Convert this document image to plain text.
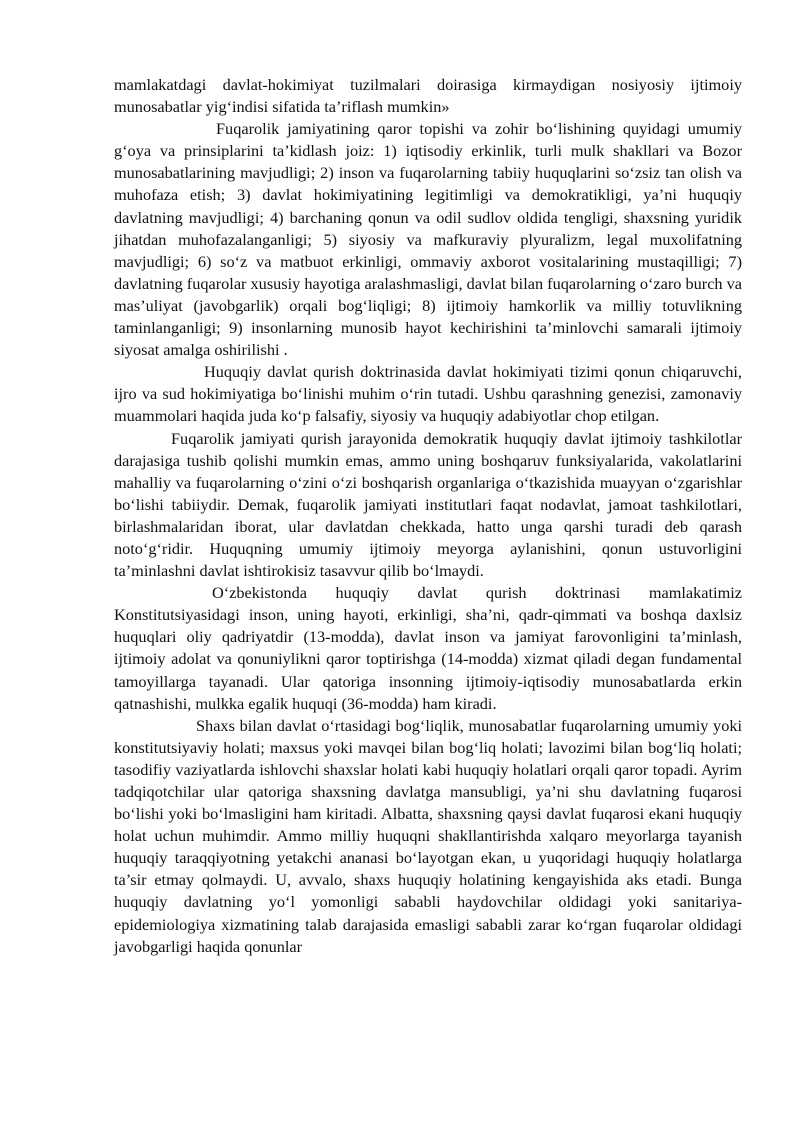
mamlakatdagi davlat-hokimiyat tuzilmalari doirasiga kirmaydigan nosiyosiy ijtimoiy munosabatlar yig‘indisi sifatida ta’riflash mumkin»

Fuqarolik jamiyatining qaror topishi va zohir bo‘lishining quyidagi umumiy g‘oya va prinsiplarini ta’kidlash joiz: 1) iqtisodiy erkinlik, turli mulk shakllari va Bozor munosabatlarining mavjudligi; 2) inson va fuqarolarning tabiiy huquqlarini so‘zsiz tan olish va muhofaza etish; 3) davlat hokimiyatining legitimligi va demokratikligi, ya’ni huquqiy davlatning mavjudligi; 4) barchaning qonun va odil sudlov oldida tengligi, shaxsning yuridik jihatdan muhofazalanganligi; 5) siyosiy va mafkuraviy plyuralizm, legal muxolifatning mavjudligi; 6) so‘z va matbuot erkinligi, ommaviy axborot vositalarining mustaqilligi; 7) davlatning fuqarolar xususiy hayotiga aralashmasligi, davlat bilan fuqarolarning o‘zaro burch va mas’uliyat (javobgarlik) orqali bog‘liqligi; 8) ijtimoiy hamkorlik va milliy totuvlikning taminlanganligi; 9) insonlarning munosib hayot kechirishini ta’minlovchi samarali ijtimoiy siyosat amalga oshirilishi .

Huquqiy davlat qurish doktrinasida davlat hokimiyati tizimi qonun chiqaruvchi, ijro va sud hokimiyatiga bo‘linishi muhim o‘rin tutadi. Ushbu qarashning genezisi, zamonaviy muammolari haqida juda ko‘p falsafiy, siyosiy va huquqiy adabiyotlar chop etilgan.

Fuqarolik jamiyati qurish jarayonida demokratik huquqiy davlat ijtimoiy tashkilotlar darajasiga tushib qolishi mumkin emas, ammo uning boshqaruv funksiyalarida, vakolatlarini mahalliy va fuqarolarning o‘zini o‘zi boshqarish organlariga o‘tkazishida muayyan o‘zgarishlar bo‘lishi tabiiydir. Demak, fuqarolik jamiyati institutlari faqat nodavlat, jamoat tashkilotlari, birlashmalaridan iborat, ular davlatdan chekkada, hatto unga qarshi turadi deb qarash noto‘g‘ridir. Huquqning umumiy ijtimoiy meyorga aylanishini, qonun ustuvorligini ta’minlashni davlat ishtirokisiz tasavvur qilib bo‘lmaydi.

O‘zbekistonda huquqiy davlat qurish doktrinasi mamlakatimiz Konstitutsiyasidagi inson, uning hayoti, erkinligi, sha’ni, qadr-qimmati va boshqa daxlsiz huquqlari oliy qadriyatdir (13-modda), davlat inson va jamiyat farovonligini ta’minlash, ijtimoiy adolat va qonuniylikni qaror toptirishga (14-modda) xizmat qiladi degan fundamental tamoyillarga tayanadi. Ular qatoriga insonning ijtimoiy-iqtisodiy munosabatlarda erkin qatnashishi, mulkka egalik huquqi (36-modda) ham kiradi.

Shaxs bilan davlat o‘rtasidagi bog‘liqlik, munosabatlar fuqarolarning umumiy yoki konstitutsiyaviy holati; maxsus yoki mavqei bilan bog‘liq holati; lavozimi bilan bog‘liq holati; tasodifiy vaziyatlarda ishlovchi shaxslar holati kabi huquqiy holatlari orqali qaror topadi. Ayrim tadqiqotchilar ular qatoriga shaxsning davlatga mansubligi, ya’ni shu davlatning fuqarosi bo‘lishi yoki bo‘lmasligini ham kiritadi. Albatta, shaxsning qaysi davlat fuqarosi ekani huquqiy holat uchun muhimdir. Ammo milliy huquqni shakllantirishda xalqaro meyorlarga tayanish huquqiy taraqqiyotning yetakchi ananasi bo‘layotgan ekan, u yuqoridagi huquqiy holatlarga ta’sir etmay qolmaydi. U, avvalo, shaxs huquqiy holatining kengayishida aks etadi. Bunga huquqiy davlatning yo‘l yomonligi sababli haydovchilar oldidagi yoki sanitariya-epidemiologiya xizmatining talab darajasida emasligi sababli zarar ko‘rgan fuqarolar oldidagi javobgarligi haqida qonunlar
